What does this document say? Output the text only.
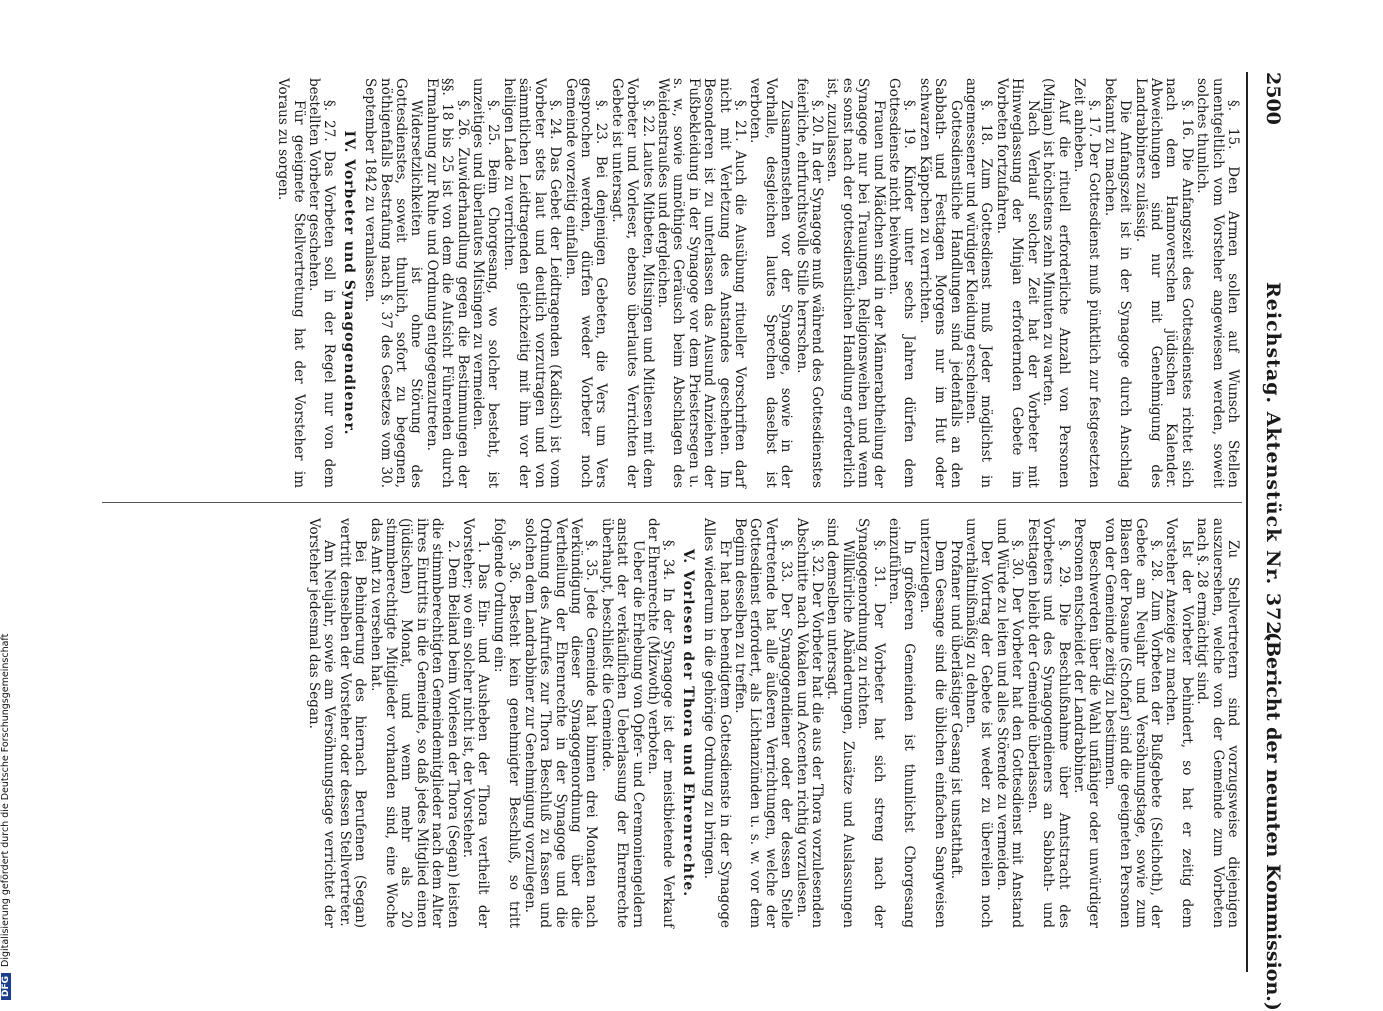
2500
Reichstag. Aktenstück Nr. 372.
(Bericht der neunten Kommission.)

§. 15. Den Armen sollen auf Wunsch Stellen unentgeltlich vom Vorsteher angewiesen werden, soweit solches thunlich.

§. 16. Die Anfangszeit des Gottesdienstes richtet sich nach dem Hannoverschen jüdischen Kalender. Abweichungen sind nur mit Genehmigung des Landrabbiners zulässig.

Die Anfangszeit ist in der Synagoge durch Anschlag bekannt zu machen.

§. 17. Der Gottesdienst muß pünktlich zur festgesetzten Zeit anheben.

Auf die rituell erforderliche Anzahl von Personen (Minjan) ist höchstens zehn Minuten zu warten.

Nach Verlauf solcher Zeit hat der Vorbeter mit Hinweglassung der Minjan erfordernden Gebete im Vorbeten fortzufahren.

§. 18. Zum Gottesdienst muß Jeder möglichst in angemessener und würdiger Kleidung erscheinen.

Gottesdienstliche Handlungen sind jedenfalls an den Sabbath- und Festtagen Morgens nur im Hut oder schwarzen Käppchen zu verrichten.

§. 19. Kinder unter sechs Jahren dürfen dem Gottesdienste nicht beiwohnen.

Frauen und Mädchen sind in der Männerabtheilung der Synagoge nur bei Trauungen, Religionsweihen und wenn es sonst nach der gottesdienstlichen Handlung erforderlich ist, zuzulassen.

§. 20. In der Synagoge muß während des Gottesdienstes feierliche, ehrfurchtsvolle Stille herrschen.

Zusammenstehen vor der Synagoge, sowie in der Vorhalle, desgleichen lautes Sprechen daselbst ist verboten.

§. 21. Auch die Ausübung ritueller Vorschriften darf nicht mit Verletzung des Anstandes geschehen. Im Besonderen ist zu unterlassen das Ausund Anziehen der Fußbekleidung in der Synagoge vor dem Priestersegen u. s. w., sowie unnöthiges Geräusch beim Abschlagen des Weidenstraußes und dergleichen.

§. 22. Lautes Mitbeten, Mitsingen und Mitlesen mit dem Vorbeter und Vorleser, ebenso überlautes Verrichten der Gebete ist untersagt.

§. 23. Bei denjenigen Gebeten, die Vers um Vers gesprochen werden, dürfen weder Vorbeter noch Gemeinde vorzeitig einfallen.

§. 24. Das Gebet der Leidtragenden (Kadisch) ist vom Vorbeter stets laut und deutlich vorzutragen und von sämmtlichen Leidtragenden gleichzeitig mit ihm vor der heiligen Lade zu verrichten.

§. 25. Beim Chorgesang, wo solcher besteht, ist unzeitiges und überlautes Mitsingen zu vermeiden.

§. 26. Zuwiderhandlung gegen die Bestimmungen der §§. 18 bis 25 ist von dem die Aufsicht Führenden durch Ermahnung zur Ruhe und Ordnung entgegenzutreten.

Widersetzlichkeiten ist ohne Störung des Gottesdienstes, soweit thunlich, sofort zu begegnen, nöthigenfalls Bestrafung nach §. 37 des Gesetzes vom 30. September 1842 zu veranlassen.

IV. Vorbeter und Synagogendiener.

§. 27. Das Vorbeten soll in der Regel nur von dem bestellten Vorbeter geschehen.

Für geeignete Stellvertretung hat der Vorsteher im Voraus zu sorgen.

Zu Stellvertretern sind vorzugsweise diejenigen auszuersehen, welche von der Gemeinde zum Vorbeten nach §. 28 ermächtigt sind.

Ist der Vorbeter behindert, so hat er zeitig dem Vorsteher Anzeige zu machen.

§. 28. Zum Vorbeten der Bußgebete (Selichoth), der Gebete am Neujahr und Versöhnungstage, sowie zum Blasen der Posaune (Schofar) sind die geeigneten Personen von der Gemeinde zeitig zu bestimmen.

Beschwerden über die Wahl unfähiger oder unwürdiger Personen entscheidet der Landrabbiner.

§. 29. Die Beschlußnahme über Amtstracht des Vorbeters und des Synagogendieners an Sabbath- und Festtagen bleibt der Gemeinde überlassen.

§. 30. Der Vorbeter hat den Gottesdienst mit Anstand und Würde zu leiten und alles Störende zu vermeiden.

Der Vortrag der Gebete ist weder zu übereilen noch unverhältnißmäßig zu dehnen.

Profaner und überlästiger Gesang ist unstatthaft.

Dem Gesange sind die üblichen einfachen Sangweisen unterzulegen.

In größeren Gemeinden ist thunlichst Chorgesang einzuführen.

§. 31. Der Vorbeter hat sich streng nach der Synagogenordnung zu richten.

Willkürliche Abänderungen, Zusätze und Auslassungen sind demselben untersagt.

§. 32. Der Vorbeter hat die aus der Thora vorzulesenden Abschnitte nach Vokalen und Accenten richtig vorzulesen.

§. 33. Der Synagogendiener oder der dessen Stelle Vertretende hat alle äußeren Verrichtungen, welche der Gottesdienst erfordert, als Lichtanzünden u. s. w. vor dem Beginn desselben zu treffen.

Er hat nach beendigtem Gottesdienste in der Synagoge Alles wiederum in die gehörige Ordnung zu bringen.

V. Vorlesen der Thora und Ehrenrechte.

§. 34. In der Synagoge ist der meistbietende Verkauf der Ehrenrechte (Mizwoth) verboten.

Ueber die Erhebung von Opfer- und Ceremoniengeldern anstatt der verkäuflichen Ueberlassung der Ehrenrechte überhaupt, beschließt die Gemeinde.

§. 35. Jede Gemeinde hat binnen drei Monaten nach Verkündigung dieser Synagogenordnung über die Vertheilung der Ehrenrechte in der Synagoge und die Ordnung des Aufrufes zur Thora Beschluß zu fassen und solchen dem Landrabbiner zur Genehmigung vorzulegen.

§. 36. Besteht kein genehmigter Beschluß, so tritt folgende Ordnung ein:

1. Das Ein- und Ausheben der Thora vertheilt der Vorsteher; wo ein solcher nicht ist, der Vorsteher.

2. Dem Beiland beim Vorlesen der Thora (Segan) leisten die stimmberechtigten Gemeindemitglieder nach dem Alter ihres Eintritts in die Gemeinde, so daß jedes Mitglied einen (jüdischen) Monat, und wenn mehr als 20 stimmberechtigte Mitglieder vorhanden sind, eine Woche das Amt zu versehen hat.

Bei Behinderung des hiernach Berufenen (Segan) vertritt denselben der Vorsteher oder dessen Stellvertreter.

Am Neujahr, sowie am Versöhnungstage verrichtet der Vorsteher jedesmal das Segan.

DFGDigitalisierung gefördert durch die Deutsche Forschungsgemeinschaft
